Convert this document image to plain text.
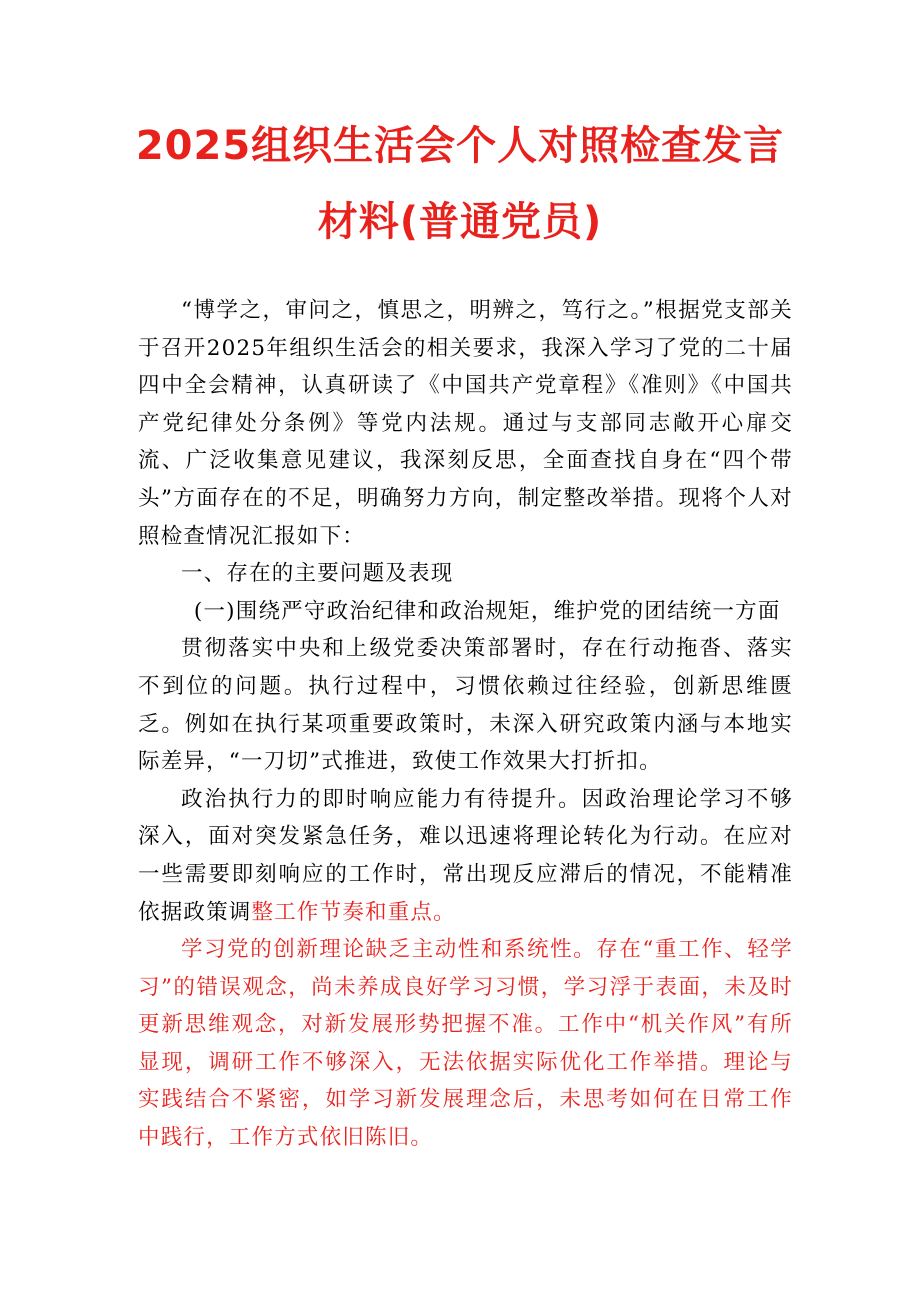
2025组织生活会个人对照检查发言
材料(普通党员)

“博学之，审问之，慎思之，明辨之，笃行之。”根据党支部关于召开2025年组织生活会的相关要求，我深入学习了党的二十届四中全会精神，认真研读了《中国共产党章程》《准则》《中国共产党纪律处分条例》等党内法规。通过与支部同志敞开心扉交流、广泛收集意见建议，我深刻反思，全面查找自身在“四个带头”方面存在的不足，明确努力方向，制定整改举措。现将个人对照检查情况汇报如下：

一、存在的主要问题及表现

(一)围绕严守政治纪律和政治规矩，维护党的团结统一方面

贯彻落实中央和上级党委决策部署时，存在行动拖沓、落实不到位的问题。执行过程中，习惯依赖过往经验，创新思维匮乏。例如在执行某项重要政策时，未深入研究政策内涵与本地实际差异，“一刀切”式推进，致使工作效果大打折扣。

政治执行力的即时响应能力有待提升。因政治理论学习不够深入，面对突发紧急任务，难以迅速将理论转化为行动。在应对一些需要即刻响应的工作时，常出现反应滞后的情况，不能精准依据政策调整工作节奏和重点。

学习党的创新理论缺乏主动性和系统性。存在“重工作、轻学习”的错误观念，尚未养成良好学习习惯，学习浮于表面，未及时更新思维观念，对新发展形势把握不准。工作中“机关作风”有所显现，调研工作不够深入，无法依据实际优化工作举措。理论与实践结合不紧密，如学习新发展理念后，未思考如何在日常工作中践行，工作方式依旧陈旧。
